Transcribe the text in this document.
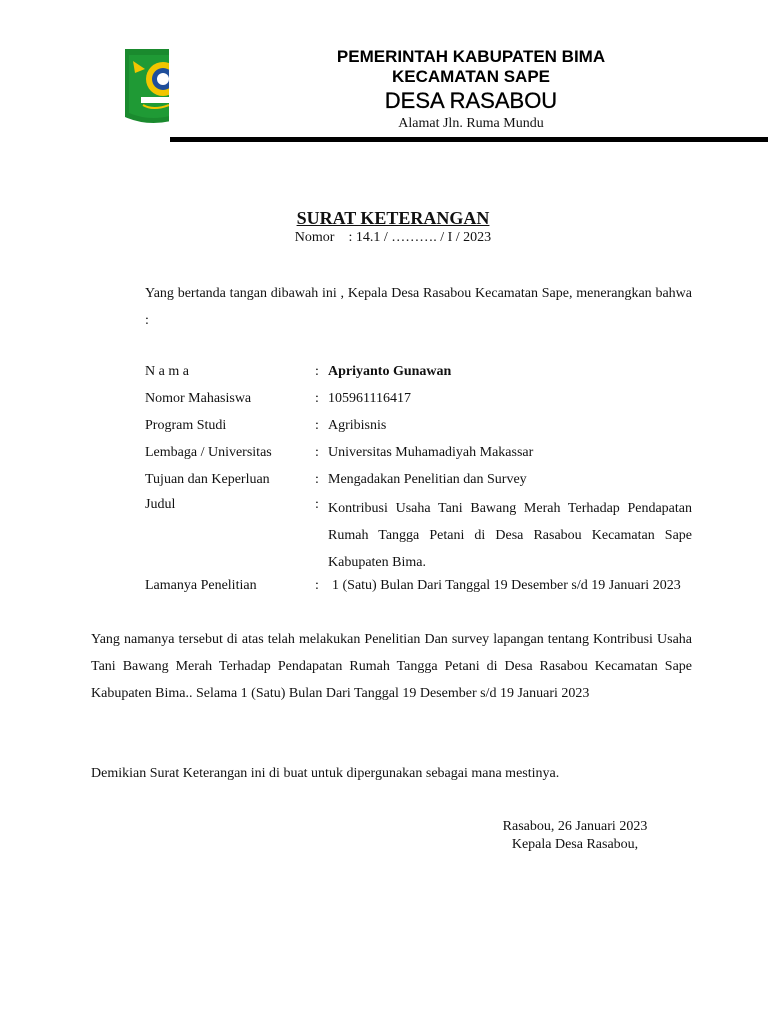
PEMERINTAH KABUPATEN BIMA
KECAMATAN SAPE
DESA RASABOU
Alamat Jln. Ruma Mundu
SURAT KETERANGAN
Nomor    : 14.1 / ………. / I / 2023
Yang bertanda tangan dibawah ini , Kepala Desa Rasabou Kecamatan Sape, menerangkan bahwa :
N a m a	: Apriyanto Gunawan
Nomor Mahasiswa	: 105961116417
Program Studi	: Agribisnis
Lembaga / Universitas	: Universitas Muhamadiyah Makassar
Tujuan dan Keperluan	: Mengadakan Penelitian dan Survey
Judul	: Kontribusi Usaha Tani Bawang Merah Terhadap Pendapatan Rumah Tangga Petani di Desa Rasabou Kecamatan Sape Kabupaten Bima.
Lamanya Penelitian	: 1 (Satu) Bulan Dari Tanggal 19 Desember s/d 19 Januari 2023
Yang namanya tersebut di atas telah melakukan Penelitian Dan survey lapangan tentang Kontribusi Usaha Tani Bawang Merah Terhadap Pendapatan Rumah Tangga Petani di Desa Rasabou Kecamatan Sape Kabupaten Bima.. Selama 1 (Satu) Bulan Dari Tanggal 19 Desember s/d 19 Januari 2023
Demikian Surat Keterangan ini di buat untuk dipergunakan sebagai mana mestinya.
Rasabou, 26 Januari 2023
Kepala Desa Rasabou,
